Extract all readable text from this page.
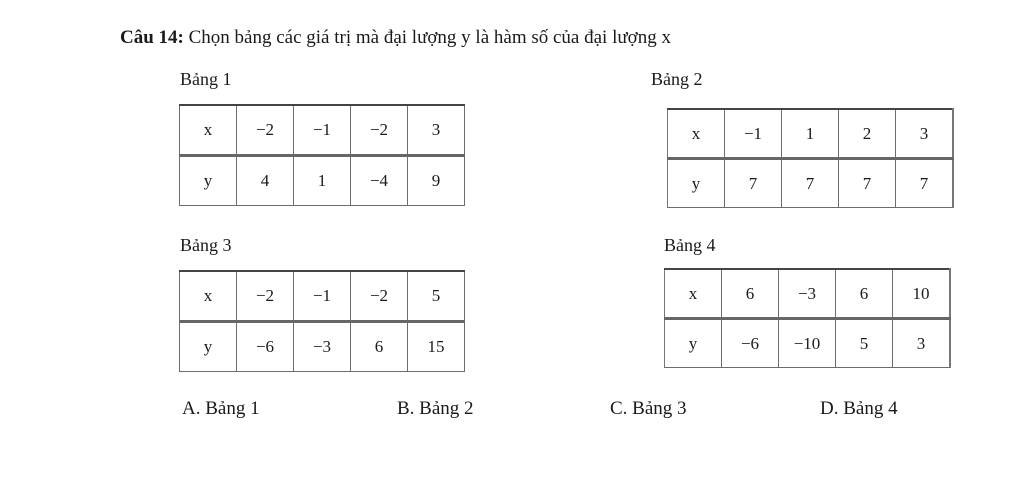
Câu 14: Chọn bảng các giá trị mà đại lượng y là hàm số của đại lượng x
Bảng 1
x	−2	−1	−2	3
y	4	1	−4	9
Bảng 2
x	−1	1	2	3
y	7	7	7	7
Bảng 3
x	−2	−1	−2	5
y	−6	−3	6	15
Bảng 4
x	6	−3	6	10
y	−6	−10	5	3
A. Bảng 1	B. Bảng 2	C. Bảng 3	D. Bảng 4
